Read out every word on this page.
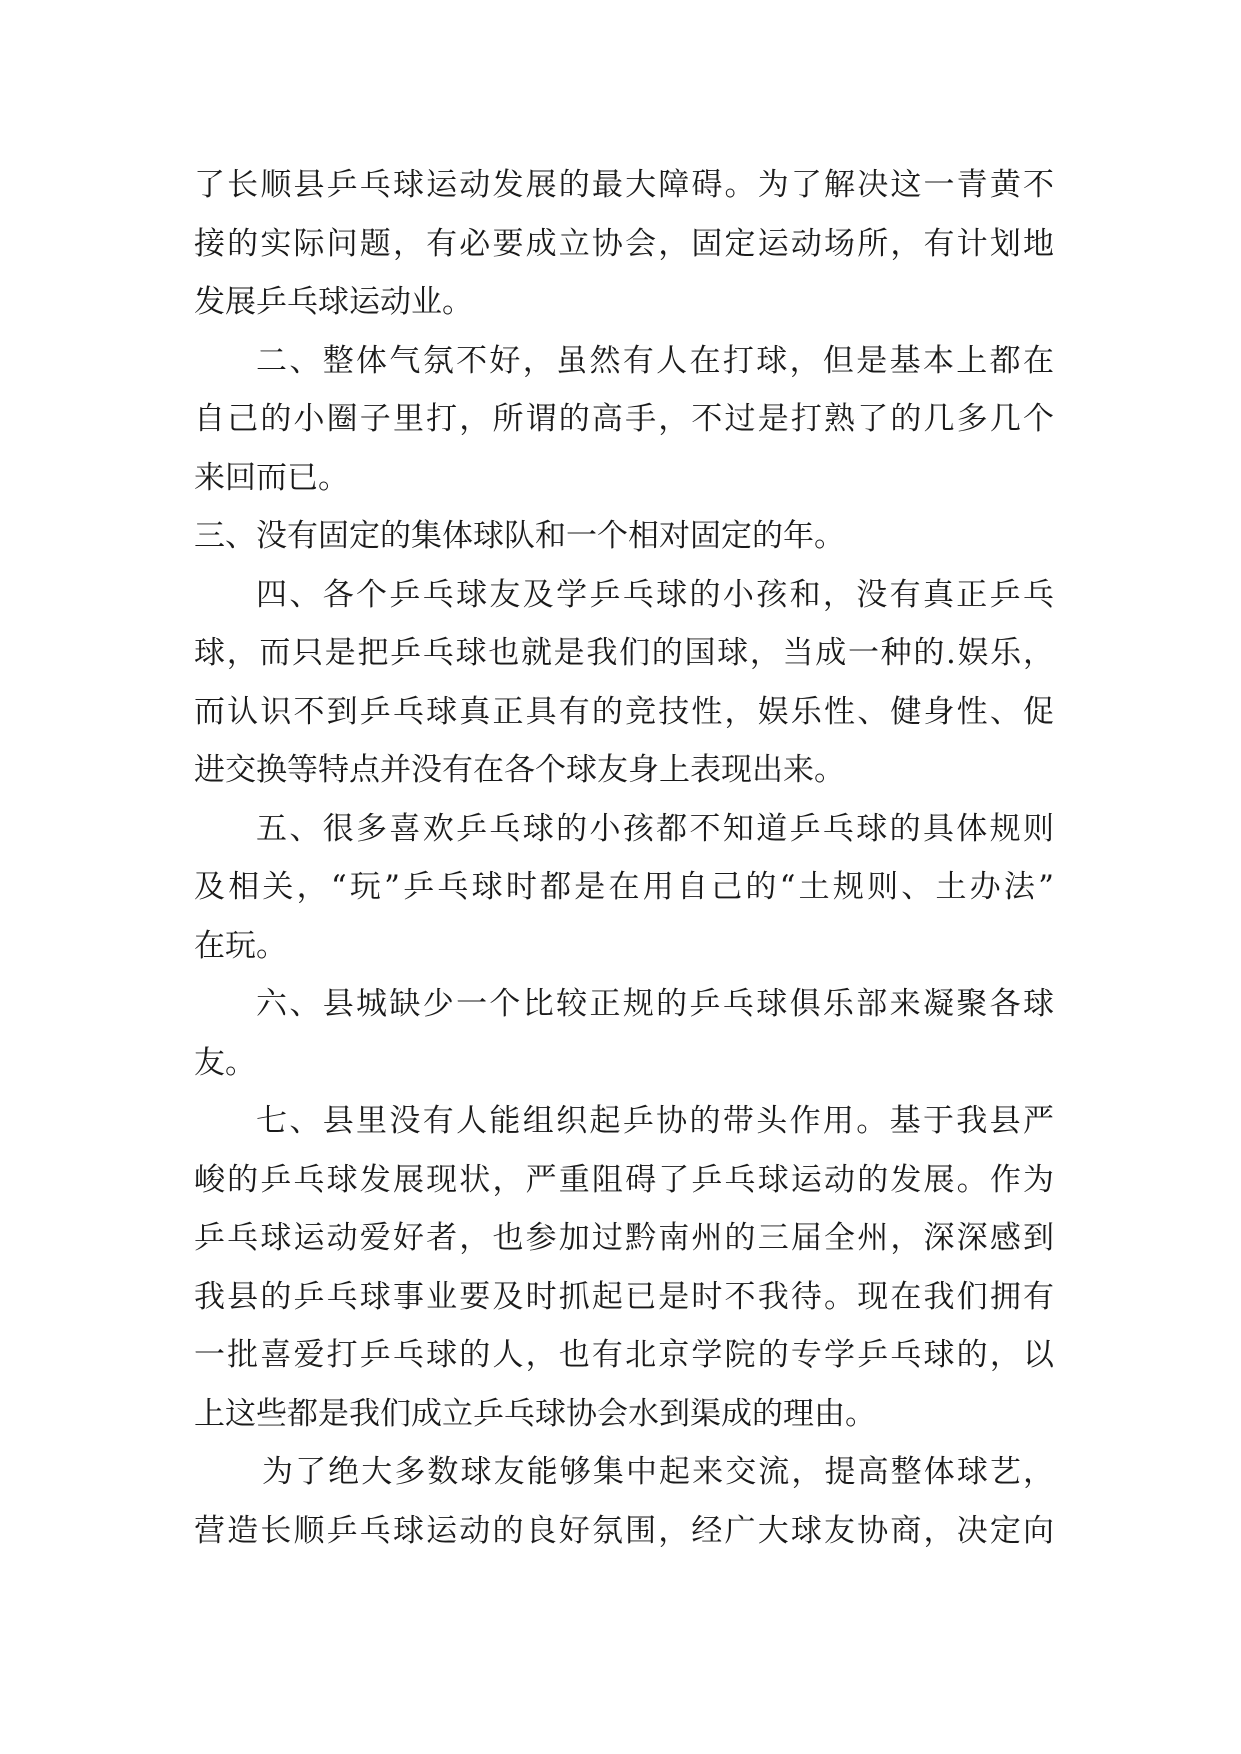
了长顺县乒乓球运动发展的最大障碍。为了解决这一青黄不
接的实际问题，有必要成立协会，固定运动场所，有计划地
发展乒乓球运动业。
二、整体气氛不好，虽然有人在打球，但是基本上都在
自己的小圈子里打，所谓的高手，不过是打熟了的几多几个
来回而已。
三、没有固定的集体球队和一个相对固定的年。
四、各个乒乓球友及学乒乓球的小孩和，没有真正乒乓
球，而只是把乒乓球也就是我们的国球，当成一种的.娱乐，
而认识不到乒乓球真正具有的竞技性，娱乐性、健身性、促
进交换等特点并没有在各个球友身上表现出来。
五、很多喜欢乒乓球的小孩都不知道乒乓球的具体规则
及相关，“玩”乒乓球时都是在用自己的“土规则、土办法”
在玩。
六、县城缺少一个比较正规的乒乓球俱乐部来凝聚各球
友。
七、县里没有人能组织起乒协的带头作用。基于我县严
峻的乒乓球发展现状，严重阻碍了乒乓球运动的发展。作为
乒乓球运动爱好者，也参加过黔南州的三届全州，深深感到
我县的乒乓球事业要及时抓起已是时不我待。现在我们拥有
一批喜爱打乒乓球的人，也有北京学院的专学乒乓球的，以
上这些都是我们成立乒乓球协会水到渠成的理由。
为了绝大多数球友能够集中起来交流，提高整体球艺，
营造长顺乒乓球运动的良好氛围，经广大球友协商，决定向
